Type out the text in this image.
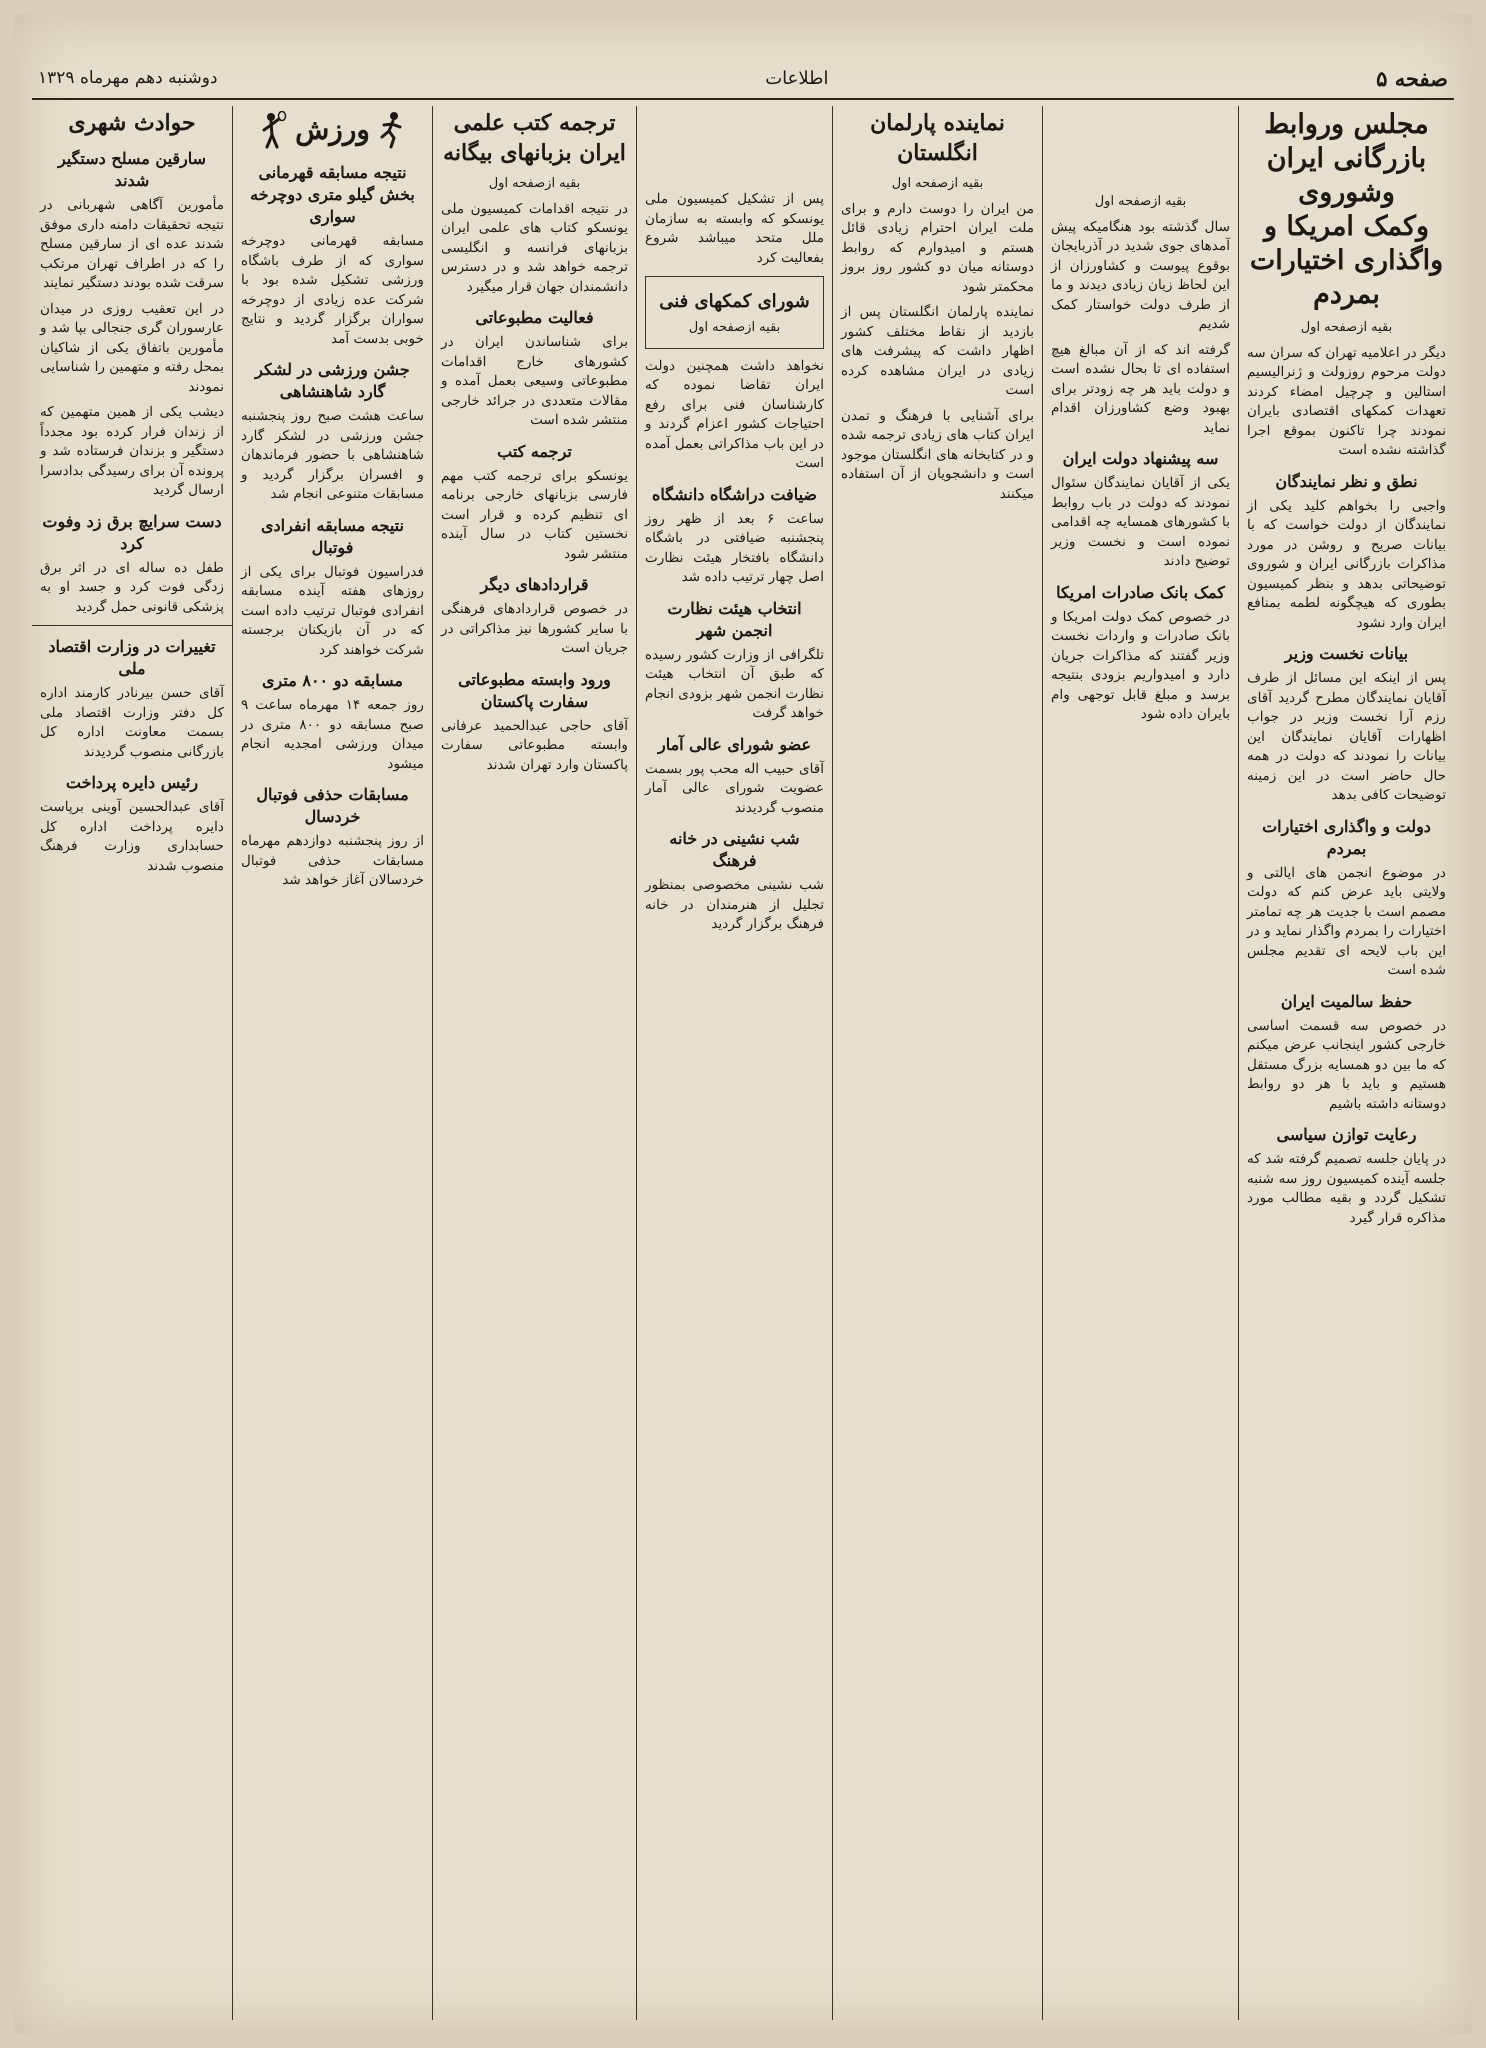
صفحه ۵
اطلاعات
دوشنبه دهم مهرماه ۱۳۲۹
مجلس وروابط بازرگانی ایران وشوروی
وکمک امریکا و واگذاری اختیارات بمردم
بقیه ازصفحه اول

دیگر در اعلامیه تهران که سران سه دولت مرحوم روزولت و ژنرالیسیم استالین و چرچیل امضاء کردند تعهدات کمکهای اقتصادی بایران نمودند چرا تاکنون بموقع اجرا گذاشته نشده است

نطق و نظر نمایندگان

واجبی را بخواهم کلید یکی از نمایندگان از دولت خواست که با بیانات صریح و روشن در مورد مذاکرات بازرگانی ایران و شوروی توضیحاتی بدهد و بنظر کمیسیون بطوری که هیچگونه لطمه بمنافع ایران وارد نشود

بیانات نخست وزیر

پس از اینکه این مسائل از طرف آقایان نمایندگان مطرح گردید آقای رزم آرا نخست وزیر در جواب اظهارات آقایان نمایندگان این بیانات را نمودند که دولت در همه حال حاضر است در این زمینه توضیحات کافی بدهد

دولت و واگذاری اختیارات بمردم

در موضوع انجمن های ایالتی و ولایتی باید عرض کنم که دولت مصمم است با جدیت هر چه تمامتر اختیارات را بمردم واگذار نماید و در این باب لایحه ای تقدیم مجلس شده است

حفظ سالمیت ایران

در خصوص سه قسمت اساسی خارجی کشور اینجانب عرض میکنم که ما بین دو همسایه بزرگ مستقل هستیم و باید با هر دو روابط دوستانه داشته باشیم

رعایت توازن سیاسی

در پایان جلسه تصمیم گرفته شد که جلسه آینده کمیسیون روز سه شنبه تشکیل گردد و بقیه مطالب مورد مذاکره قرار گیرد

بقیه ازصفحه اول

سال گذشته بود هنگامیکه پیش آمدهای جوی شدید در آذربایجان بوقوع پیوست و کشاورزان از این لحاظ زیان زیادی دیدند و ما از طرف دولت خواستار کمک شدیم

گرفته اند که از آن مبالغ هیچ استفاده ای تا بحال نشده است و دولت باید هر چه زودتر برای بهبود وضع کشاورزان اقدام نماید

سه پیشنهاد دولت ایران

یکی از آقایان نمایندگان سئوال نمودند که دولت در باب روابط با کشورهای همسایه چه اقدامی نموده است و نخست وزیر توضیح دادند

کمک بانک صادرات امریکا

در خصوص کمک دولت امریکا و بانک صادرات و واردات نخست وزیر گفتند که مذاکرات جریان دارد و امیدواریم بزودی بنتیجه برسد و مبلغ قابل توجهی وام بایران داده شود

نماینده پارلمان انگلستان
بقیه ازصفحه اول

من ایران را دوست دارم و برای ملت ایران احترام زیادی قائل هستم و امیدوارم که روابط دوستانه میان دو کشور روز بروز محکمتر شود

نماینده پارلمان انگلستان پس از بازدید از نقاط مختلف کشور اظهار داشت که پیشرفت های زیادی در ایران مشاهده کرده است

برای آشنایی با فرهنگ و تمدن ایران کتاب های زیادی ترجمه شده و در کتابخانه های انگلستان موجود است و دانشجویان از آن استفاده میکنند

پس از تشکیل کمیسیون ملی یونسکو که وابسته به سازمان ملل متحد میباشد شروع بفعالیت کرد

شورای کمکهای فنی
بقیه ازصفحه اول

نخواهد داشت همچنین دولت ایران تقاضا نموده که کارشناسان فنی برای رفع احتیاجات کشور اعزام گردند و در این باب مذاکراتی بعمل آمده است

ضیافت دراشگاه دانشگاه

ساعت ۶ بعد از ظهر روز پنجشنبه ضیافتی در باشگاه دانشگاه بافتخار هیئت نظارت اصل چهار ترتیب داده شد

انتخاب هیئت نظارت انجمن شهر

تلگرافی از وزارت کشور رسیده که طبق آن انتخاب هیئت نظارت انجمن شهر بزودی انجام خواهد گرفت

عضو شورای عالی آمار

آقای حبیب اله محب پور بسمت عضویت شورای عالی آمار منصوب گردیدند

شب نشینی در خانه فرهنگ

شب نشینی مخصوصی بمنظور تجلیل از هنرمندان در خانه فرهنگ برگزار گردید

ترجمه کتب علمی ایران بزبانهای بیگانه
بقیه ازصفحه اول

در نتیجه اقدامات کمیسیون ملی یونسکو کتاب های علمی ایران بزبانهای فرانسه و انگلیسی ترجمه خواهد شد و در دسترس دانشمندان جهان قرار میگیرد

فعالیت مطبوعاتی

برای شناساندن ایران در کشورهای خارج اقدامات مطبوعاتی وسیعی بعمل آمده و مقالات متعددی در جرائد خارجی منتشر شده است

ترجمه کتب

یونسکو برای ترجمه کتب مهم فارسی بزبانهای خارجی برنامه ای تنظیم کرده و قرار است نخستین کتاب در سال آینده منتشر شود

قراردادهای دیگر

در خصوص قراردادهای فرهنگی با سایر کشورها نیز مذاکراتی در جریان است

ورود وابسته مطبوعاتی سفارت پاکستان

آقای حاجی عبدالحمید عرفانی وابسته مطبوعاتی سفارت پاکستان وارد تهران شدند

ورزش
نتیجه مسابقه قهرمانی بخش گیلو متری دوچرخه سواری

مسابقه قهرمانی دوچرخه سواری که از طرف باشگاه ورزشی تشکیل شده بود با شرکت عده زیادی از دوچرخه سواران برگزار گردید و نتایج خوبی بدست آمد

جشن ورزشی در لشکر گارد شاهنشاهی

ساعت هشت صبح روز پنجشنبه جشن ورزشی در لشکر گارد شاهنشاهی با حضور فرماندهان و افسران برگزار گردید و مسابقات متنوعی انجام شد

نتیجه مسابقه انفرادی فوتبال

فدراسیون فوتبال برای یکی از روزهای هفته آینده مسابقه انفرادی فوتبال ترتیب داده است که در آن بازیکنان برجسته شرکت خواهند کرد

مسابقه دو ۸۰۰ متری

روز جمعه ۱۴ مهرماه ساعت ۹ صبح مسابقه دو ۸۰۰ متری در میدان ورزشی امجدیه انجام میشود

مسابقات حذفی فوتبال خردسال

از روز پنجشنبه دوازدهم مهرماه مسابقات حذفی فوتبال خردسالان آغاز خواهد شد

حوادث شهری
سارقین مسلح دستگیر شدند

مأمورین آگاهی شهربانی در نتیجه تحقیقات دامنه داری موفق شدند عده ای از سارقین مسلح را که در اطراف تهران مرتکب سرقت شده بودند دستگیر نمایند

در این تعقیب روزی در میدان عارسوران گری جنجالی بپا شد و مأمورین باتفاق یکی از شاکیان بمحل رفته و متهمین را شناسایی نمودند

دیشب یکی از همین متهمین که از زندان فرار کرده بود مجدداً دستگیر و بزندان فرستاده شد و پرونده آن برای رسیدگی بدادسرا ارسال گردید

دست سرایچ برق زد وفوت کرد

طفل ده ساله ای در اثر برق زدگی فوت کرد و جسد او به پزشکی قانونی حمل گردید

تغییرات در وزارت اقتصاد ملی

آقای حسن بیرنادر کارمند اداره کل دفتر وزارت اقتصاد ملی بسمت معاونت اداره کل بازرگانی منصوب گردیدند

رئیس دایره پرداخت

آقای عبدالحسین آوینی برپاست دایره پرداخت اداره کل حسابداری وزارت فرهنگ منصوب شدند
